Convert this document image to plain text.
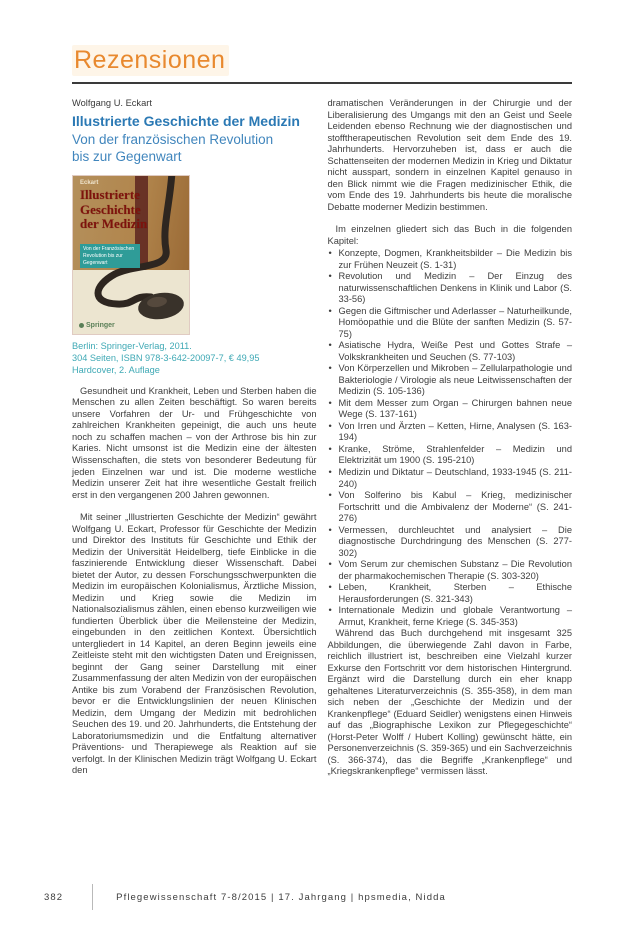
Rezensionen
Wolfgang U. Eckart
Illustrierte Geschichte der Medizin
Von der französischen Revolution
bis zur Gegenwart
Eckart
Illustrierte
Geschichte
der Medizin
Von der Französischen
Revolution bis zur
Gegenwart
Springer
Berlin: Springer-Verlag, 2011.
304 Seiten, ISBN 978-3-642-20097-7, € 49,95
Hardcover, 2. Auflage

Gesundheit und Krankheit, Leben und Sterben haben die Menschen zu allen Zeiten beschäftigt. So waren bereits unsere Vorfahren der Ur- und Frühgeschichte von zahlreichen Krankheiten gepeinigt, die auch uns heute noch zu schaffen machen – von der Arthrose bis hin zur Karies. Nicht umsonst ist die Medizin eine der ältesten Wissenschaften, die stets von besonderer Bedeutung für jeden Einzelnen war und ist. Die moderne westliche Medizin unserer Zeit hat ihre wesentliche Gestalt freilich erst in den vergangenen 200 Jahren gewonnen.

Mit seiner „Illustrierten Geschichte der Medizin“ gewährt Wolfgang U. Eckart, Professor für Geschichte der Medizin und Direktor des Instituts für Geschichte und Ethik der Medizin der Universität Heidelberg, tiefe Einblicke in die faszinierende Entwicklung dieser Wissenschaft. Dabei bietet der Autor, zu dessen Forschungsschwerpunkten die Medizin im europäischen Kolonialismus, Ärztliche Mission, Medizin und Krieg sowie die Medizin im Nationalsozialismus zählen, einen ebenso kurzweiligen wie fundierten Überblick über die Meilensteine der Medizin, eingebunden in den zeitlichen Kontext. Übersichtlich untergliedert in 14 Kapitel, an deren Beginn jeweils eine Zeitleiste steht mit den wichtigsten Daten und Ereignissen, beginnt der Gang seiner Darstellung mit einer Zusammenfassung der alten Medizin von der europäischen Antike bis zum Vorabend der Französischen Revolution, bevor er die Entwicklungslinien der neuen Klinischen Medizin, dem Umgang der Medizin mit bedrohlichen Seuchen des 19. und 20. Jahrhunderts, die Entstehung der Laboratoriumsmedizin und die Entfaltung alternativer Präventions- und Therapiewege als Reaktion auf sie verfolgt. In der Klinischen Medizin trägt Wolfgang U. Eckart den

dramatischen Veränderungen in der Chirurgie und der Liberalisierung des Umgangs mit den an Geist und Seele Leidenden ebenso Rechnung wie der diagnostischen und stofftherapeutischen Revolution seit dem Ende des 19. Jahrhunderts. Hervorzuheben ist, dass er auch die Schattenseiten der modernen Medizin in Krieg und Diktatur nicht ausspart, sondern in einzelnen Kapitel genauso in den Blick nimmt wie die Fragen medizinischer Ethik, die vom Ende des 19. Jahrhunderts bis heute die moralische Debatte moderner Medizin bestimmen.

Im einzelnen gliedert sich das Buch in die folgenden Kapitel:

• Konzepte, Dogmen, Krankheitsbilder – Die Medizin bis zur Frühen Neuzeit (S. 1-31)
• Revolution und Medizin – Der Einzug des naturwissenschaftlichen Denkens in Klinik und Labor (S. 33-56)
• Gegen die Giftmischer und Aderlasser – Naturheilkunde, Homöopathie und die Blüte der sanften Medizin (S. 57-75)
• Asiatische Hydra, Weiße Pest und Gottes Strafe – Volkskrankheiten und Seuchen (S. 77-103)
• Von Körperzellen und Mikroben – Zellularpathologie und Bakteriologie / Virologie als neue Leitwissenschaften der Medizin (S. 105-136)
• Mit dem Messer zum Organ – Chirurgen bahnen neue Wege (S. 137-161)
• Von Irren und Ärzten – Ketten, Hirne, Analysen (S. 163-194)
• Kranke, Ströme, Strahlenfelder – Medizin und Elektrizität um 1900 (S. 195-210)
• Medizin und Diktatur – Deutschland, 1933-1945 (S. 211-240)
• Von Solferino bis Kabul – Krieg, medizinischer Fortschritt und die Ambivalenz der Moderne“ (S. 241-276)
• Vermessen, durchleuchtet und analysiert – Die diagnostische Durchdringung des Menschen (S. 277-302)
• Vom Serum zur chemischen Substanz – Die Revolution der pharmakochemischen Therapie (S. 303-320)
• Leben, Krankheit, Sterben – Ethische Herausforderungen (S. 321-343)
• Internationale Medizin und globale Verantwortung – Armut, Krankheit, ferne Kriege (S. 345-353)

Während das Buch durchgehend mit insgesamt 325 Abbildungen, die überwiegende Zahl davon in Farbe, reichlich illustriert ist, beschreiben eine Vielzahl kurzer Exkurse den Fortschritt vor dem historischen Hintergrund. Ergänzt wird die Darstellung durch ein eher knapp gehaltenes Literaturverzeichnis (S. 355-358), in dem man sich neben der „Geschichte der Medizin und der Krankenpflege“ (Eduard Seidler) wenigstens einen Hinweis auf das „Biographische Lexikon zur Pflegegeschichte“ (Horst-Peter Wolff / Hubert Kolling) gewünscht hätte, ein Personenverzeichnis (S. 359-365) und ein Sachverzeichnis (S. 366-374), das die Begriffe „Krankenpflege“ und „Kriegskrankenpflege“ vermissen lässt.

382	Pflegewissenschaft 7-8/2015 | 17. Jahrgang | hpsmedia, Nidda
